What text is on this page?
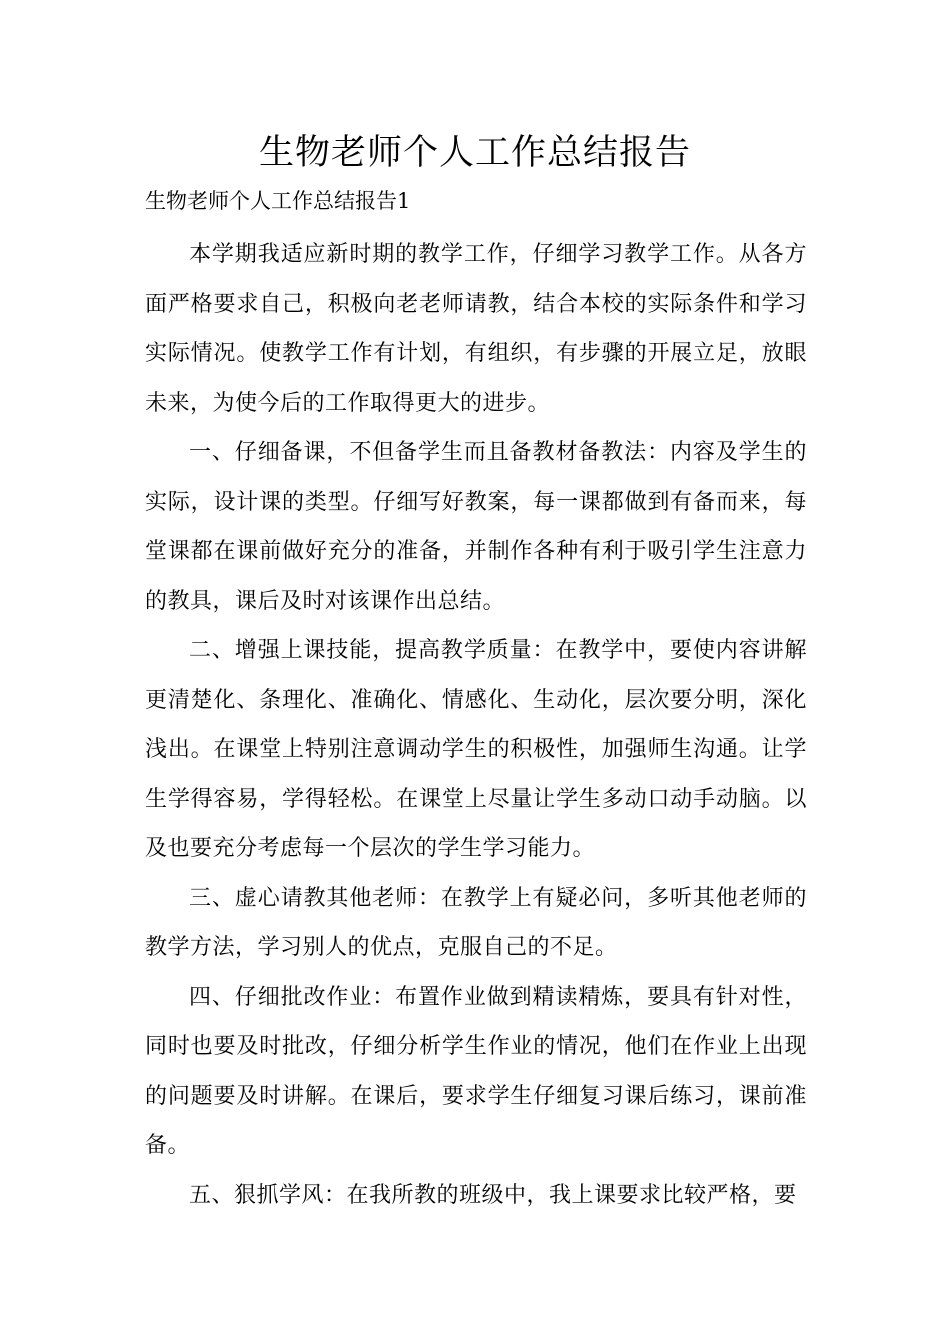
生物老师个人工作总结报告

生物老师个人工作总结报告1

本学期我适应新时期的教学工作，仔细学习教学工作。从各方面严格要求自己，积极向老老师请教，结合本校的实际条件和学习实际情况。使教学工作有计划，有组织，有步骤的开展立足，放眼未来，为使今后的工作取得更大的进步。

一、仔细备课，不但备学生而且备教材备教法：内容及学生的实际，设计课的类型。仔细写好教案，每一课都做到有备而来，每堂课都在课前做好充分的准备，并制作各种有利于吸引学生注意力的教具，课后及时对该课作出总结。

二、增强上课技能，提高教学质量：在教学中，要使内容讲解更清楚化、条理化、准确化、情感化、生动化，层次要分明，深化浅出。在课堂上特别注意调动学生的积极性，加强师生沟通。让学生学得容易，学得轻松。在课堂上尽量让学生多动口动手动脑。以及也要充分考虑每一个层次的学生学习能力。

三、虚心请教其他老师：在教学上有疑必问，多听其他老师的教学方法，学习别人的优点，克服自己的不足。

四、仔细批改作业：布置作业做到精读精炼，要具有针对性，同时也要及时批改，仔细分析学生作业的情况，他们在作业上出现的问题要及时讲解。在课后，要求学生仔细复习课后练习，课前准备。

五、狠抓学风：在我所教的班级中，我上课要求比较严格，要
